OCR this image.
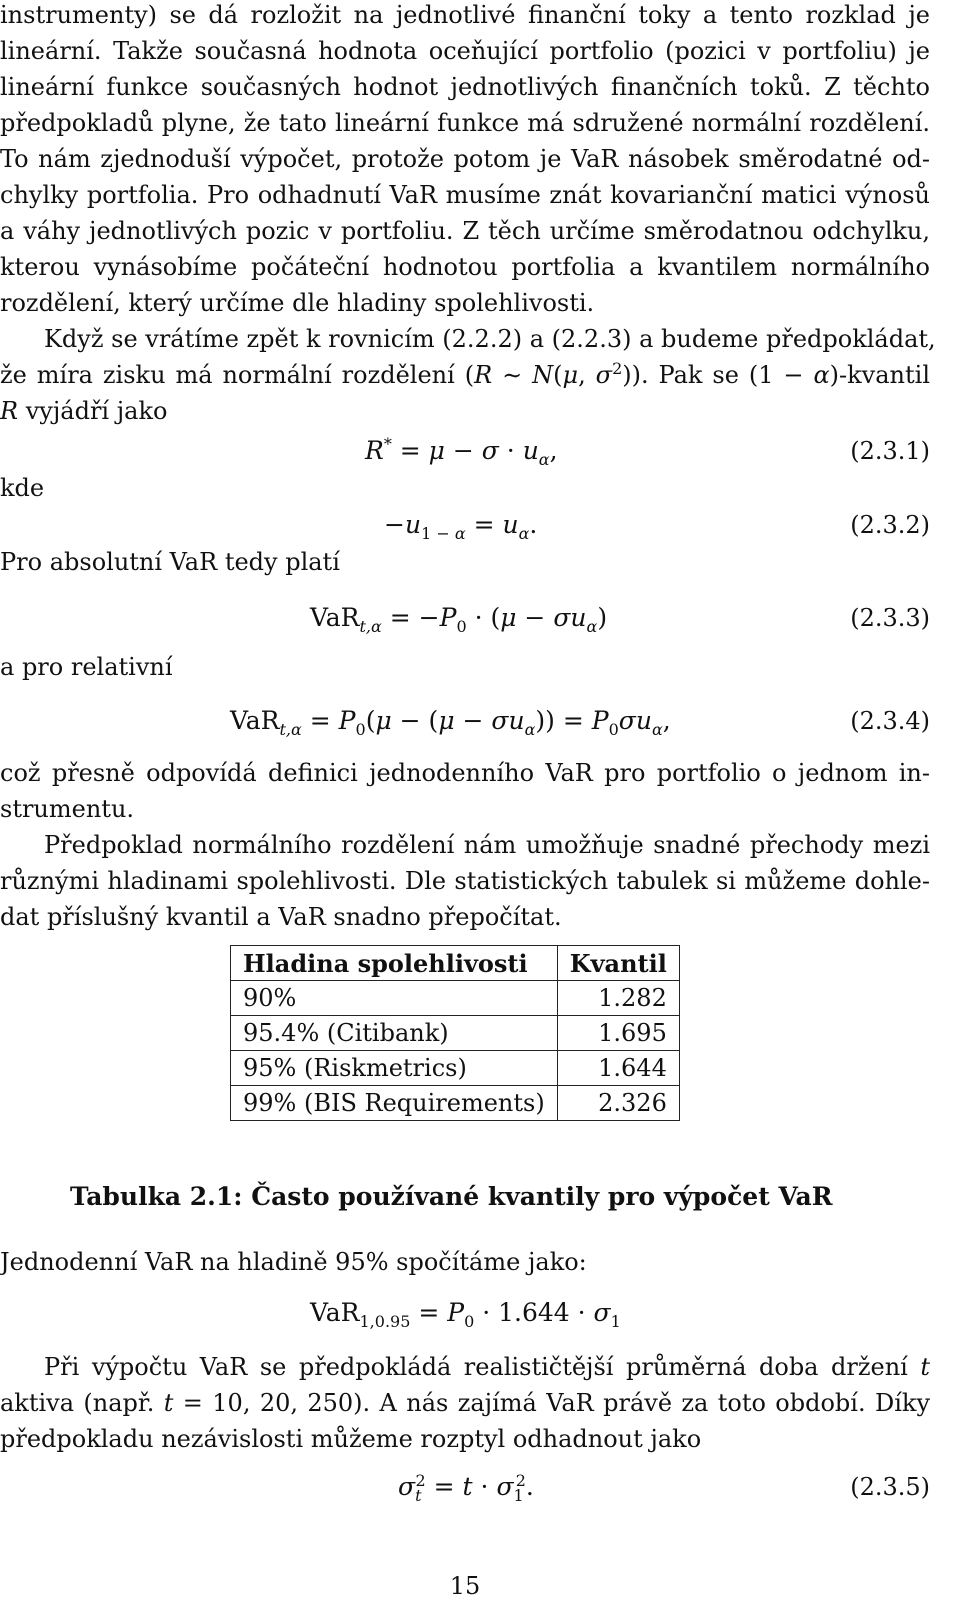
instrumenty) se dá rozložit na jednotlivé finanční toky a tento rozklad je
lineární. Takže současná hodnota oceňující portfolio (pozici v portfoliu) je
lineární funkce současných hodnot jednotlivých finančních toků. Z těchto
předpokladů plyne, že tato lineární funkce má sdružené normální rozdělení.
To nám zjednoduší výpočet, protože potom je VaR násobek směrodatné od-
chylky portfolia. Pro odhadnutí VaR musíme znát kovarianční matici výnosů
a váhy jednotlivých pozic v portfoliu. Z těch určíme směrodatnou odchylku,
kterou vynásobíme počáteční hodnotou portfolia a kvantilem normálního
rozdělení, který určíme dle hladiny spolehlivosti.
Když se vrátíme zpět k rovnicím (2.2.2) a (2.2.3) a budeme předpokládat,
že míra zisku má normální rozdělení (R ∼ N(μ, $\sigma^2$)). Pak se (1 − α)-kvantil
R vyjádří jako
$R^* = \mu - \sigma \cdot u_\alpha$,	(2.3.1)
kde
$-u_{1 - \alpha} = u_\alpha$.	(2.3.2)
Pro absolutní VaR tedy platí
$VaR_{t,\alpha} = -P_0 \cdot (\mu - \sigma u_\alpha)$	(2.3.3)
a pro relativní
$VaR_{t,\alpha} = P_0(\mu - (\mu - \sigma u_\alpha)) = P_0\sigma u_\alpha$,	(2.3.4)
což přesně odpovídá definici jednodenního VaR pro portfolio o jednom in-
strumentu.
Předpoklad normálního rozdělení nám umožňuje snadné přechody mezi
různými hladinami spolehlivosti. Dle statistických tabulek si můžeme dohle-
dat příslušný kvantil a VaR snadno přepočítat.
Hladina spolehlivosti	Kvantil
90%	1.282
95.4% (Citibank)	1.695
95% (Riskmetrics)	1.644
99% (BIS Requirements)	2.326
Tabulka 2.1: Často používané kvantily pro výpočet VaR
Jednodenní VaR na hladině 95% spočítáme jako:
$VaR_{1,0.95} = P_0 \cdot 1.644 \cdot \sigma_1$
Při výpočtu VaR se předpokládá realističtější průměrná doba držení t
aktiva (např. t = 10, 20, 250). A nás zajímá VaR právě za toto období. Díky
předpokladu nezávislosti můžeme rozptyl odhadnout jako
$\sigma_t^2 = t \cdot \sigma_1^2$.	(2.3.5)
15
